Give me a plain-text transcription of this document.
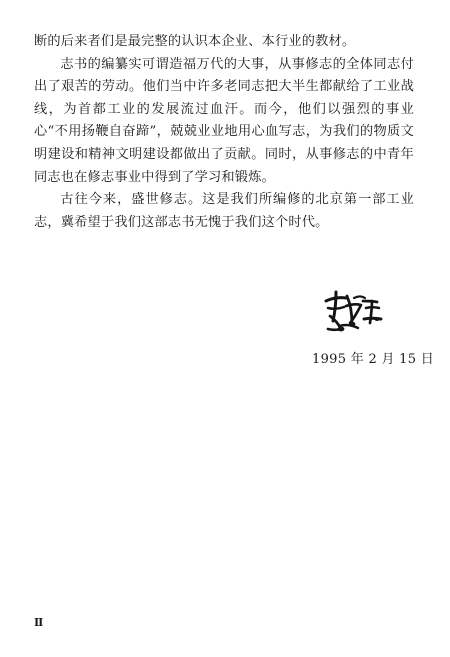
断的后来者们是最完整的认识本企业、本行业的教材。

志书的编纂实可谓造福万代的大事，从事修志的全体同志付出了艰苦的劳动。他们当中许多老同志把大半生都献给了工业战线，为首都工业的发展流过血汗。而今，他们以强烈的事业心“不用扬鞭自奋蹄”，兢兢业业地用心血写志，为我们的物质文明建设和精神文明建设都做出了贡献。同时，从事修志的中青年同志也在修志事业中得到了学习和锻炼。

古往今来，盛世修志。这是我们所编修的北京第一部工业志，冀希望于我们这部志书无愧于我们这个时代。

1995 年 2 月 15 日
Ⅱ
